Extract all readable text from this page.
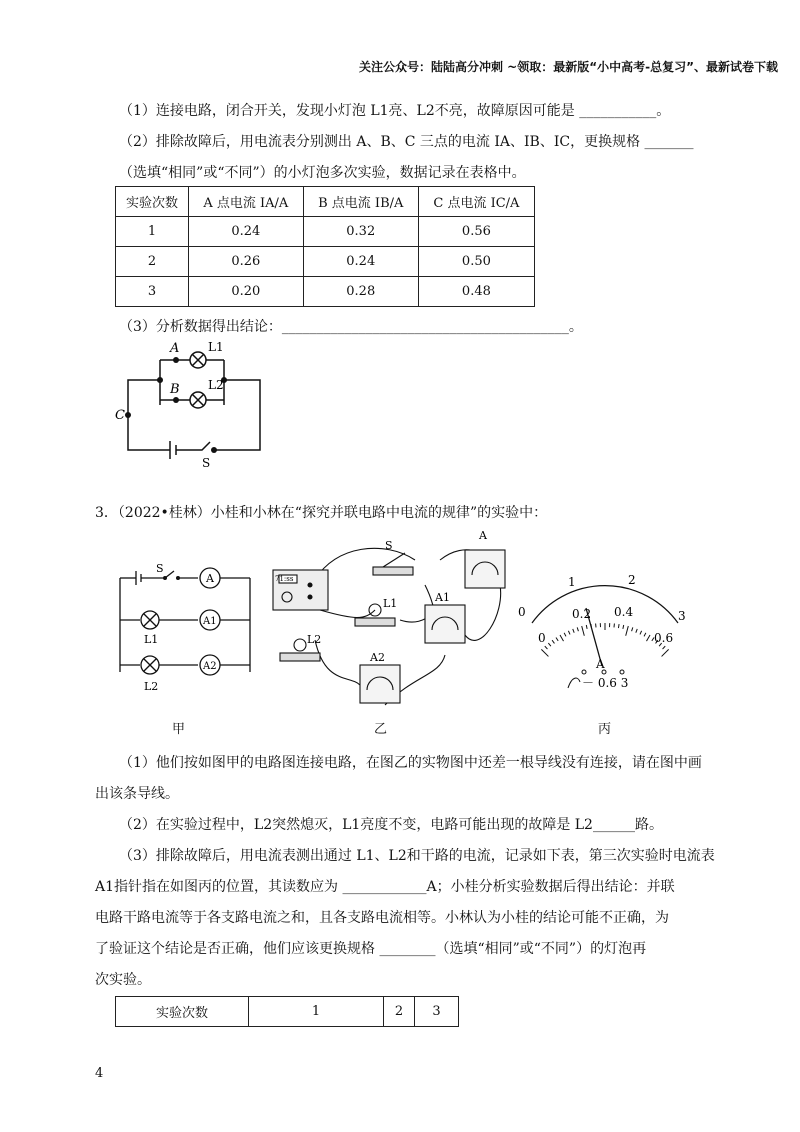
关注公众号：陆陆高分冲刺 ~领取：最新版“小中高考-总复习”、最新试卷下载
（1）连接电路，闭合开关，发现小灯泡 L1亮、L2不亮，故障原因可能是 ___________。
（2）排除故障后，用电流表分别测出 A、B、C 三点的电流 IA、IB、IC，更换规格 _______
（选填“相同”或“不同”）的小灯泡多次实验，数据记录在表格中。
实验次数	A 点电流 IA/A	B 点电流 IB/A	C 点电流 IC/A
1	0.24	0.32	0.56
2	0.26	0.24	0.50
3	0.20	0.28	0.48
（3）分析数据得出结论：_________________________________________。
A
B
C
L1
L2
S
3．（2022•桂林）小桂和小林在“探究并联电路中电流的规律”的实验中：
S
A
A1
A2
L1
L2
甲
71:ss
S
A
A1
A2
L1
L2
乙
0
1	2
3
0
0.2 0.4
0.6
A
－ 0.6 3
丙
（1）他们按如图甲的电路图连接电路，在图乙的实物图中还差一根导线没有连接，请在图中画
出该条导线。
（2）在实验过程中，L2突然熄灭，L1亮度不变，电路可能出现的故障是 L2______路。
（3）排除故障后，用电流表测出通过 L1、L2和干路的电流，记录如下表，第三次实验时电流表
A1指针指在如图丙的位置，其读数应为 ____________A；小桂分析实验数据后得出结论：并联
电路干路电流等于各支路电流之和，且各支路电流相等。小林认为小桂的结论可能不正确，为
了验证这个结论是否正确，他们应该更换规格 ________（选填“相同”或“不同”）的灯泡再
次实验。
实验次数	1	2	3
4
